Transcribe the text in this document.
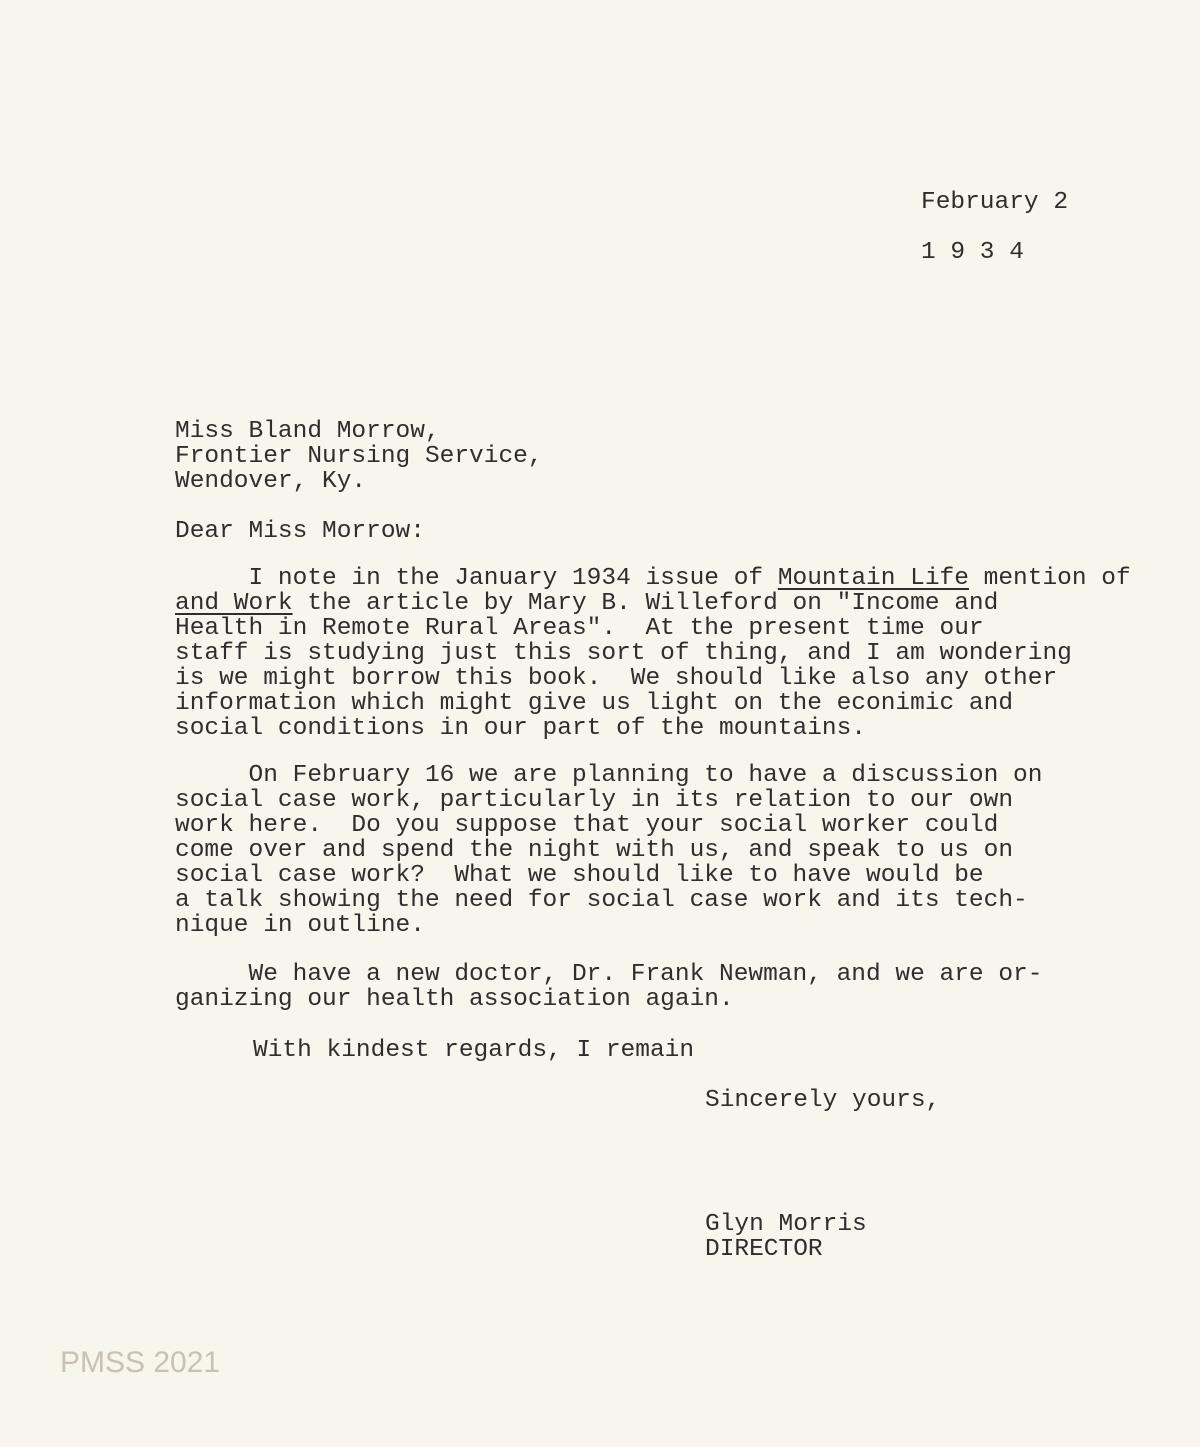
February 2
1 9 3 4
Miss Bland Morrow,
Frontier Nursing Service,
Wendover, Ky.
Dear Miss Morrow:
I note in the January 1934 issue of Mountain Life mention of
and Work the article by Mary B. Willeford on "Income and
Health in Remote Rural Areas".  At the present time our
staff is studying just this sort of thing, and I am wondering
is we might borrow this book.  We should like also any other
information which might give us light on the econimic and
social conditions in our part of the mountains.
On February 16 we are planning to have a discussion on
social case work, particularly in its relation to our own
work here.  Do you suppose that your social worker could
come over and spend the night with us, and speak to us on
social case work?  What we should like to have would be
a talk showing the need for social case work and its tech-
nique in outline.
We have a new doctor, Dr. Frank Newman, and we are or-
ganizing our health association again.
With kindest regards, I remain
Sincerely yours,
Glyn Morris
DIRECTOR
PMSS 2021
